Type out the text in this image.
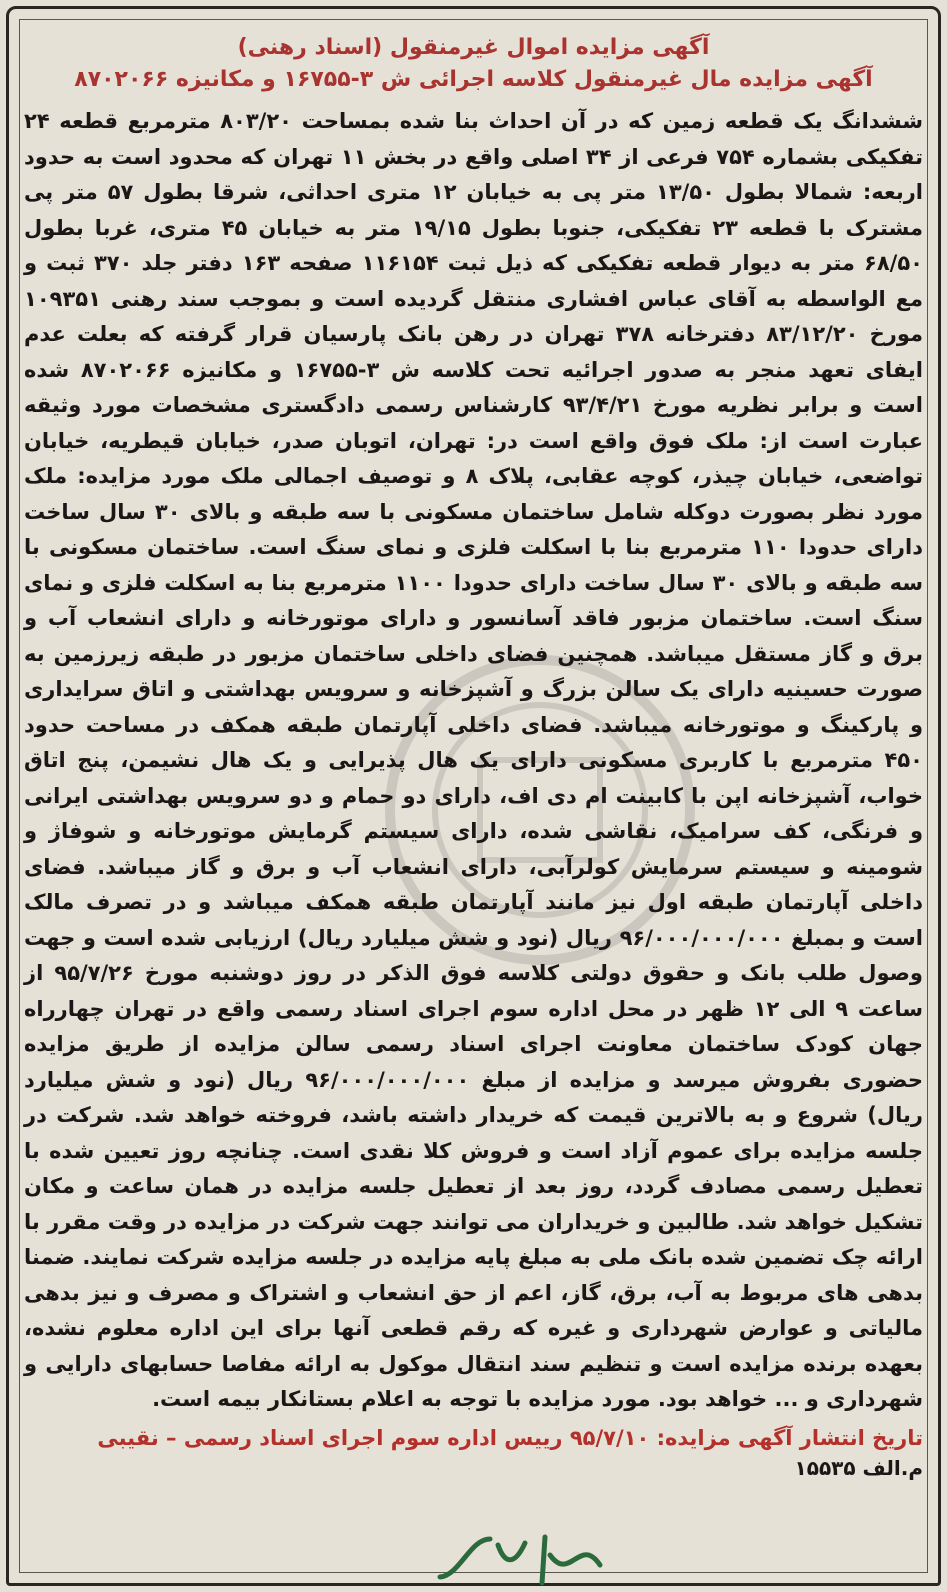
آگهی مزایده اموال غیرمنقول (اسناد رهنی)

آگهی مزایده مال غیرمنقول کلاسه اجرائی ش ۳-۱۶۷۵۵ و مکانیزه ۸۷۰۲۰۶۶

ششدانگ یک قطعه زمین که در آن احداث بنا شده بمساحت ۸۰۳/۲۰ مترمربع قطعه ۲۴ تفکیکی بشماره ۷۵۴ فرعی از ۳۴ اصلی واقع در بخش ۱۱ تهران که محدود است به حدود اربعه: شمالا بطول ۱۳/۵۰ متر پی به خیابان ۱۲ متری احداثی، شرقا بطول ۵۷ متر پی مشترک با قطعه ۲۳ تفکیکی، جنوبا بطول ۱۹/۱۵ متر به خیابان ۴۵ متری، غربا بطول ۶۸/۵۰ متر به دیوار قطعه تفکیکی که ذیل ثبت ۱۱۶۱۵۴ صفحه ۱۶۳ دفتر جلد ۳۷۰ ثبت و مع الواسطه به آقای عباس افشاری منتقل گردیده است و بموجب سند رهنی ۱۰۹۳۵۱ مورخ ۸۳/۱۲/۲۰ دفترخانه ۳۷۸ تهران در رهن بانک پارسیان قرار گرفته که بعلت عدم ایفای تعهد منجر به صدور اجرائیه تحت کلاسه ش ۳-۱۶۷۵۵ و مکانیزه ۸۷۰۲۰۶۶ شده است و برابر نظریه مورخ ۹۳/۴/۲۱ کارشناس رسمی دادگستری مشخصات مورد وثیقه عبارت است از: ملک فوق واقع است در: تهران، اتوبان صدر، خیابان قیطریه، خیابان تواضعی، خیابان چیذر، کوچه عقابی، پلاک ۸ و توصیف اجمالی ملک مورد مزایده: ملک مورد نظر بصورت دوکله شامل ساختمان مسکونی با سه طبقه و بالای ۳۰ سال ساخت دارای حدودا ۱۱۰ مترمربع بنا با اسکلت فلزی و نمای سنگ است. ساختمان مسکونی با سه طبقه و بالای ۳۰ سال ساخت دارای حدودا ۱۱۰۰ مترمربع بنا به اسکلت فلزی و نمای سنگ است. ساختمان مزبور فاقد آسانسور و دارای موتورخانه و دارای انشعاب آب و برق و گاز مستقل میباشد. همچنین فضای داخلی ساختمان مزبور در طبقه زیرزمین به صورت حسینیه دارای یک سالن بزرگ و آشپزخانه و سرویس بهداشتی و اتاق سرایداری و پارکینگ و موتورخانه میباشد. فضای داخلی آپارتمان طبقه همکف در مساحت حدود ۴۵۰ مترمربع با کاربری مسکونی دارای یک هال پذیرایی و یک هال نشیمن، پنج اتاق خواب، آشپزخانه اپن با کابینت ام دی اف، دارای دو حمام و دو سرویس بهداشتی ایرانی و فرنگی، کف سرامیک، نقاشی شده، دارای سیستم گرمایش موتورخانه و شوفاژ و شومینه و سیستم سرمایش کولرآبی، دارای انشعاب آب و برق و گاز میباشد. فضای داخلی آپارتمان طبقه اول نیز مانند آپارتمان طبقه همکف میباشد و در تصرف مالک است و بمبلغ ۹۶/۰۰۰/۰۰۰/۰۰۰ ریال (نود و شش میلیارد ریال) ارزیابی شده است و جهت وصول طلب بانک و حقوق دولتی کلاسه فوق الذکر در روز دوشنبه مورخ ۹۵/۷/۲۶ از ساعت ۹ الی ۱۲ ظهر در محل اداره سوم اجرای اسناد رسمی واقع در تهران چهارراه جهان کودک ساختمان معاونت اجرای اسناد رسمی سالن مزایده از طریق مزایده حضوری بفروش میرسد و مزایده از مبلغ ۹۶/۰۰۰/۰۰۰/۰۰۰ ریال (نود و شش میلیارد ریال) شروع و به بالاترین قیمت که خریدار داشته باشد، فروخته خواهد شد. شرکت در جلسه مزایده برای عموم آزاد است و فروش کلا نقدی است. چنانچه روز تعیین شده با تعطیل رسمی مصادف گردد، روز بعد از تعطیل جلسه مزایده در همان ساعت و مکان تشکیل خواهد شد. طالبین و خریداران می توانند جهت شرکت در مزایده در وقت مقرر با ارائه چک تضمین شده بانک ملی به مبلغ پایه مزایده در جلسه مزایده شرکت نمایند. ضمنا بدهی های مربوط به آب، برق، گاز، اعم از حق انشعاب و اشتراک و مصرف و نیز بدهی مالیاتی و عوارض شهرداری و غیره که رقم قطعی آنها برای این اداره معلوم نشده، بعهده برنده مزایده است و تنظیم سند انتقال موکول به ارائه مفاصا حسابهای دارایی و شهرداری و ... خواهد بود. مورد مزایده با توجه به اعلام بستانکار بیمه است.
تاریخ انتشار آگهی مزایده: ۹۵/۷/۱۰ رییس اداره سوم اجرای اسناد رسمی – نقیبی
م.الف ۱۵۵۳۵
